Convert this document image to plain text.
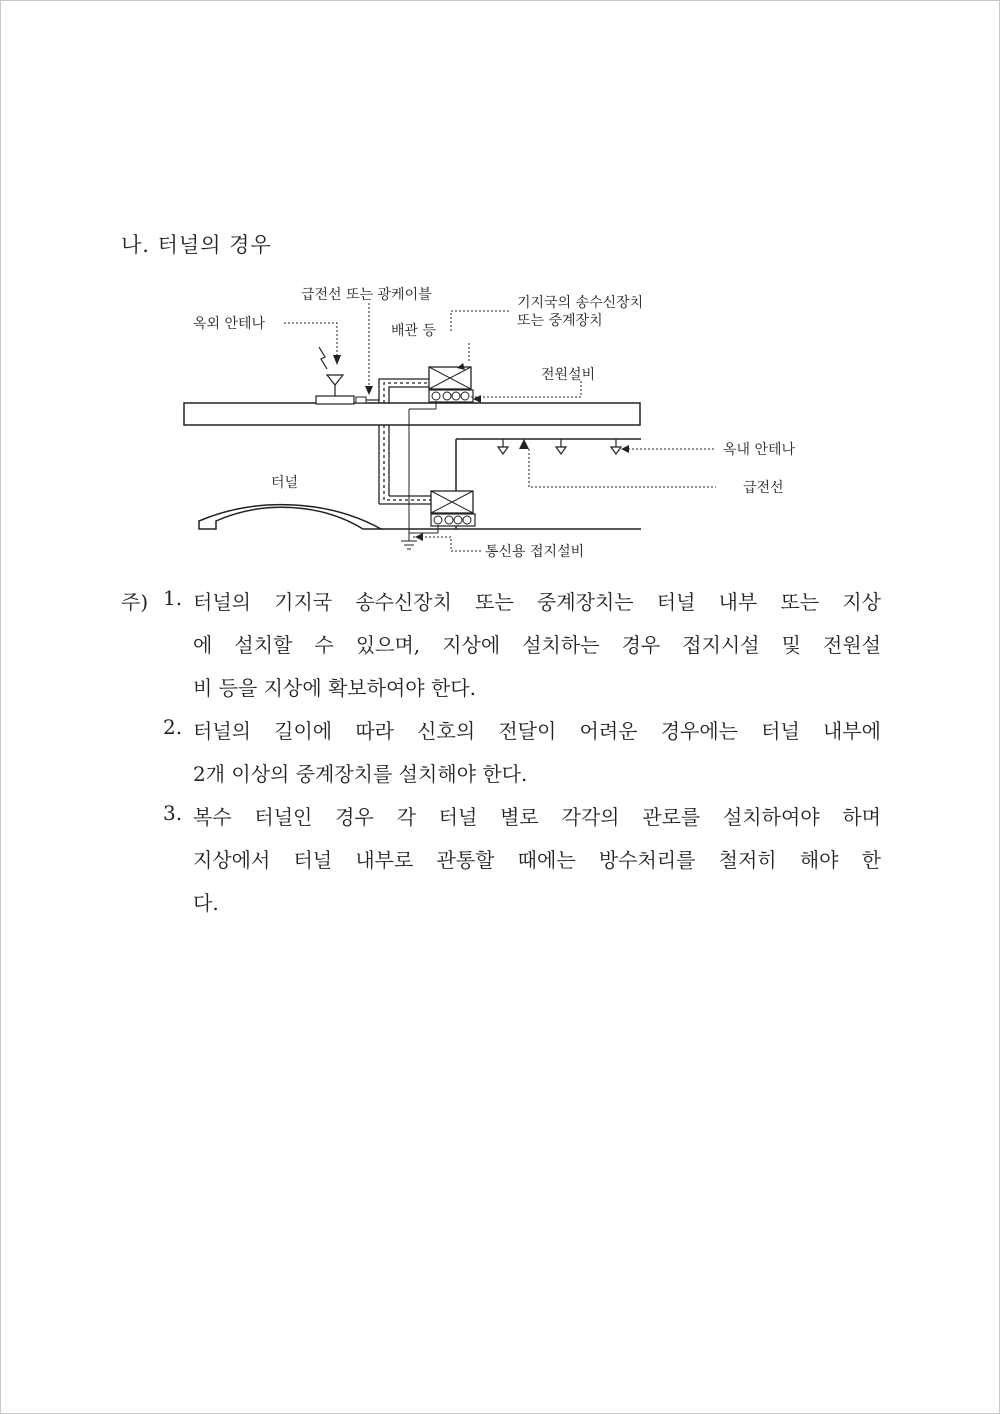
나. 터널의 경우
급전선 또는 광케이블
옥외 안테나	배관 등
기지국의 송수신장치
또는 중계장치
전원설비
옥내 안테나
터널	급전선
통신용 접지설비
주) 1. 터널의 기지국 송수신장치 또는 중계장치는 터널 내부 또는 지상
에 설치할 수 있으며, 지상에 설치하는 경우 접지시설 및 전원설
비 등을 지상에 확보하여야 한다.
2. 터널의 길이에 따라 신호의 전달이 어려운 경우에는 터널 내부에
2개 이상의 중계장치를 설치해야 한다.
3. 복수 터널인 경우 각 터널 별로 각각의 관로를 설치하여야 하며
지상에서 터널 내부로 관통할 때에는 방수처리를 철저히 해야 한
다.
